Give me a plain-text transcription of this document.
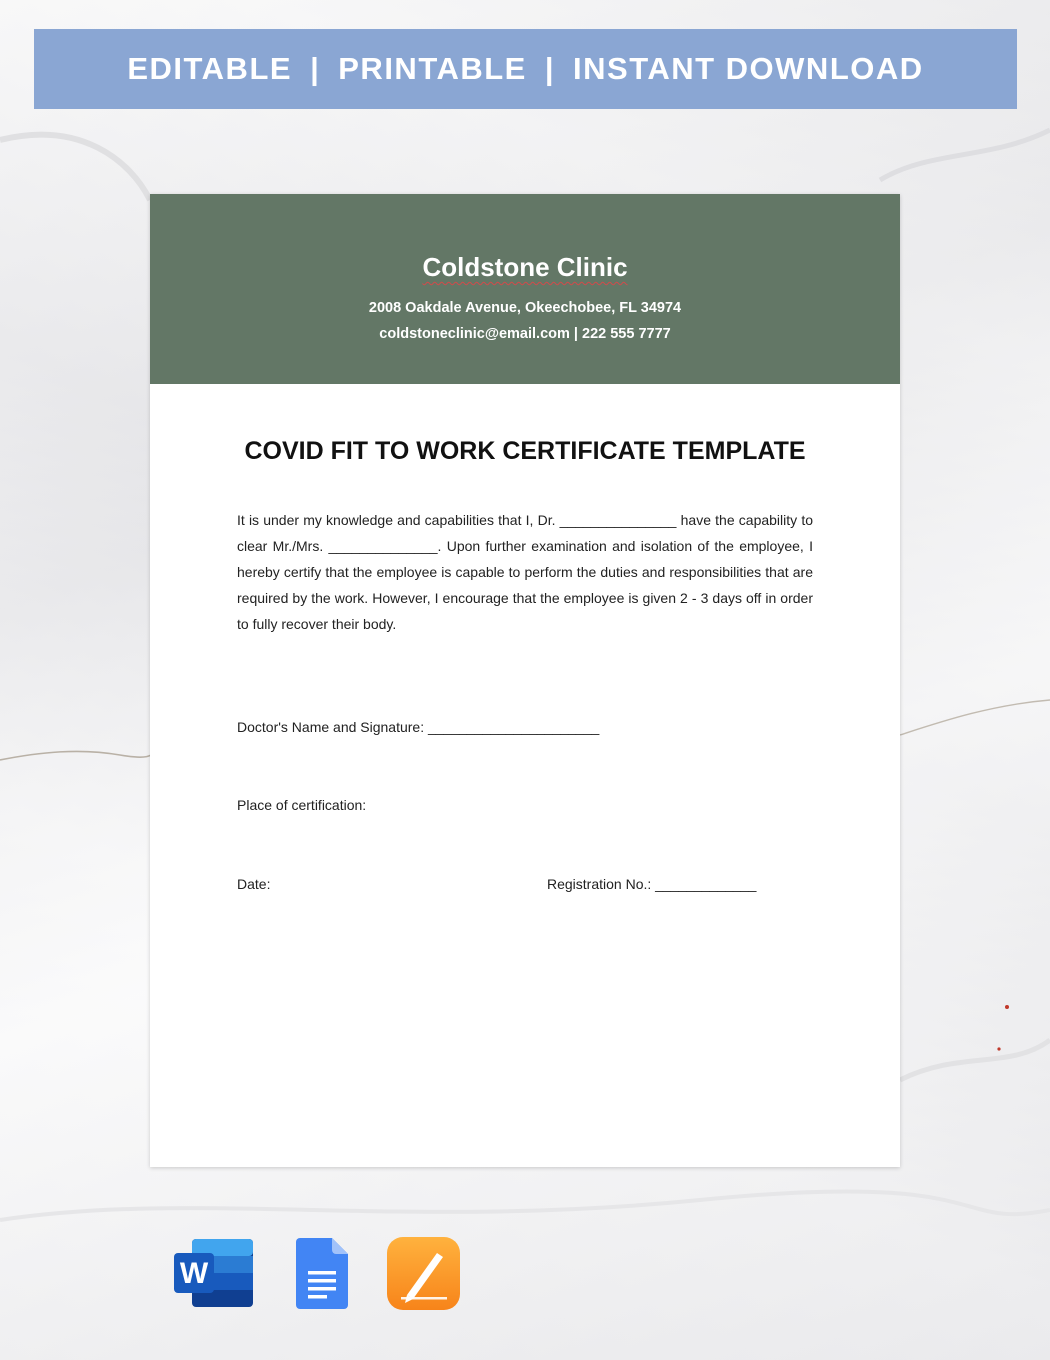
EDITABLE | PRINTABLE | INSTANT DOWNLOAD
Coldstone Clinic
2008 Oakdale Avenue, Okeechobee, FL 34974
coldstoneclinic@email.com | 222 555 7777
COVID FIT TO WORK CERTIFICATE TEMPLATE
It is under my knowledge and capabilities that I, Dr. _______________ have the capability to clear Mr./Mrs. ______________. Upon further examination and isolation of the employee, I hereby certify that the employee is capable to perform the duties and responsibilities that are required by the work. However, I encourage that the employee is given 2 - 3 days off in order to fully recover their body.
Doctor's Name and Signature: ______________________
Place of certification:
Date:	Registration No.: _____________
W
